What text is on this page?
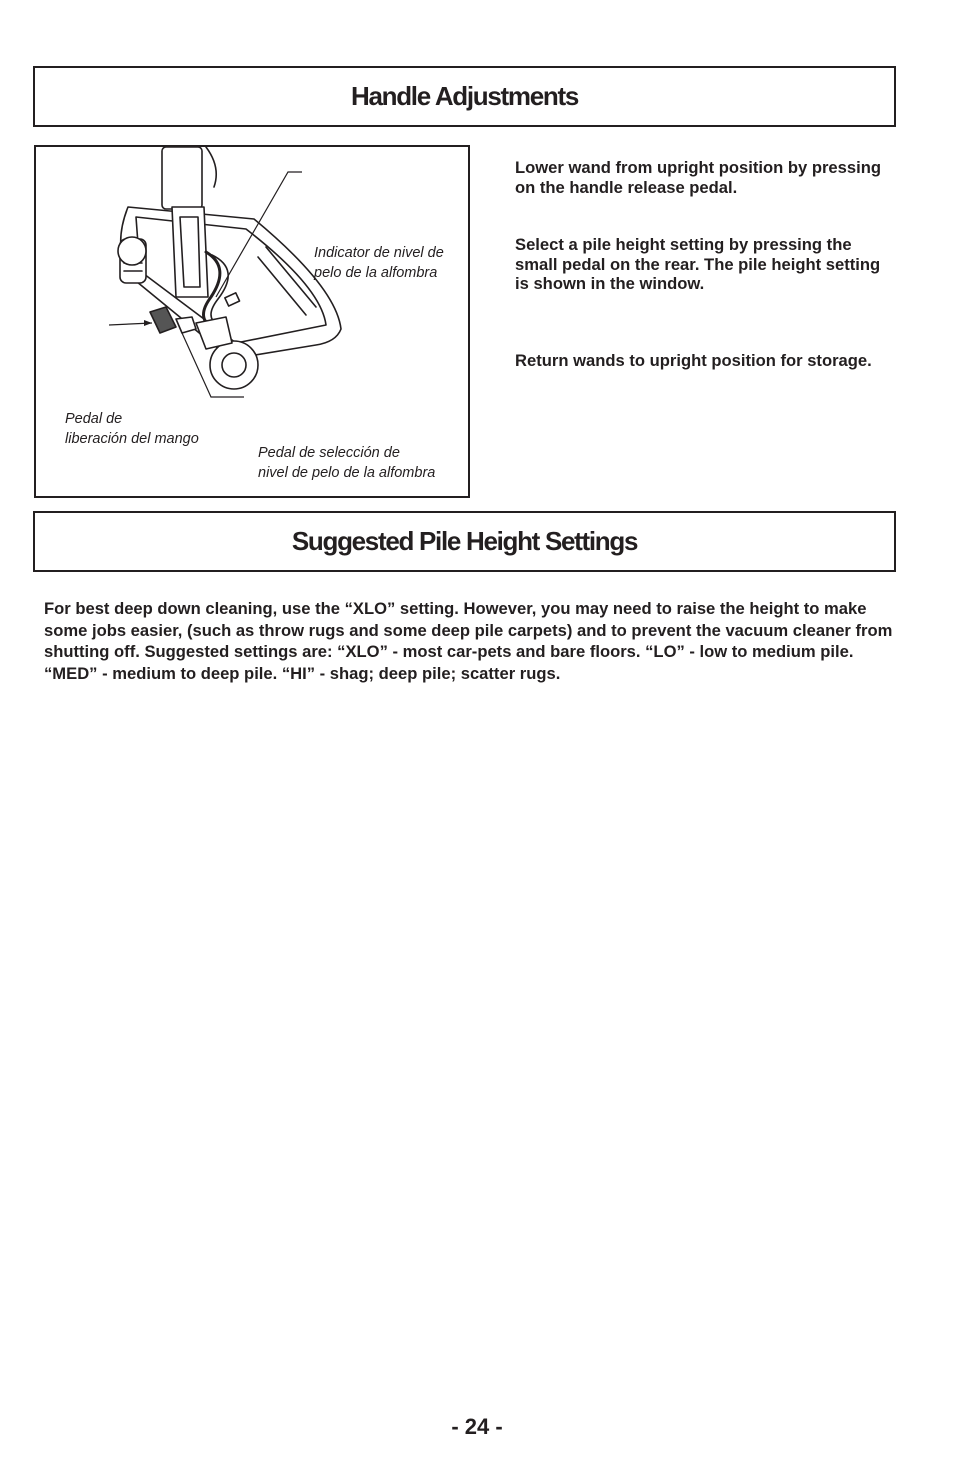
Handle Adjustments

Indicator de nivel de

pelo de la alfombra

Pedal de

liberación del mango

Pedal de selección de

nivel de pelo de la alfombra

Lower wand from upright position by pressing on the handle release pedal.

Select a pile height setting by pressing the small pedal on the rear. The pile height setting is shown in the window.

Return wands to upright position for storage.

Suggested Pile Height Settings

For best deep down cleaning, use the “XLO” setting. However, you may need to raise the height to make some jobs easier, (such as throw rugs and some deep pile carpets) and to prevent the vacuum cleaner from shutting off. Suggested settings are: “XLO” - most car-pets and bare floors. “LO” - low to medium pile. “MED” - medium to deep pile. “HI” - shag; deep pile; scatter rugs.

- 24 -
